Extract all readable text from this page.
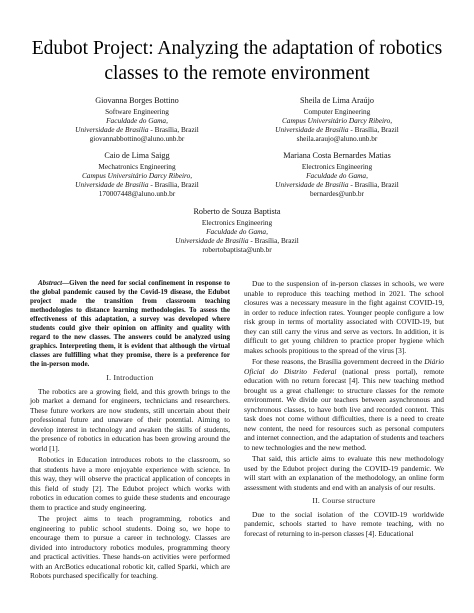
Edubot Project: Analyzing the adaptation of robotics classes to the remote environment
Giovanna Borges Bottino
Software Engineering
Faculdade do Gama,
Universidade de Brasília - Brasília, Brazil
giovannabbottino@aluno.unb.br
Sheila de Lima Araújo
Computer Engineering
Campus Universitário Darcy Ribeiro,
Universidade de Brasília - Brasília, Brazil
sheila.araujo@aluno.unb.br
Caio de Lima Saigg
Mechatronics Engineering
Campus Universitário Darcy Ribeiro,
Universidade de Brasília - Brasília, Brazil
170007448@aluno.unb.br
Mariana Costa Bernardes Matias
Electronics Engineering
Faculdade do Gama,
Universidade de Brasília - Brasília, Brazil
bernardes@unb.br
Roberto de Souza Baptista
Electronics Engineering
Faculdade do Gama,
Universidade de Brasília - Brasília, Brazil
robertobaptista@unb.br

Abstract—Given the need for social confinement in response to the global pandemic caused by the Covid-19 disease, the Edubot project made the transition from classroom teaching methodologies to distance learning methodologies. To assess the effectiveness of this adaptation, a survey was developed where students could give their opinion on affinity and quality with regard to the new classes. The answers could be analyzed using graphics. Interpreting them, it is evident that although the virtual classes are fulfilling what they promise, there is a preference for the in-person mode.

I. Introduction

The robotics are a growing field, and this growth brings to the job market a demand for engineers, technicians and researchers. These future workers are now students, still uncertain about their professional future and unaware of their potential. Aiming to develop interest in technology and awaken the skills of students, the presence of robotics in education has been growing around the world [1].

Robotics in Education introduces robots to the classroom, so that students have a more enjoyable experience with science. In this way, they will observe the practical application of concepts in this field of study [2]. The Edubot project which works with robotics in education comes to guide these students and encourage them to practice and study engineering.

The project aims to teach programming, robotics and engineering to public school students. Doing so, we hope to encourage them to pursue a career in technology. Classes are divided into introductory robotics modules, programming theory and practical activities. These hands-on activities were performed with an ArcBotics educational robotic kit, called Sparki, which are Robots purchased specifically for teaching.

Due to the suspension of in-person classes in schools, we were unable to reproduce this teaching method in 2021. The school closures was a necessary measure in the fight against COVID-19, in order to reduce infection rates. Younger people configure a low risk group in terms of mortality associated with COVID-19, but they can still carry the virus and serve as vectors. In addition, it is difficult to get young children to practice proper hygiene which makes schools propitious to the spread of the virus [3].

For these reasons, the Brasília government decreed in the Diário Oficial do Distrito Federal (national press portal), remote education with no return forecast [4]. This new teaching method brought us a great challenge: to structure classes for the remote environment. We divide our teachers between asynchronous and synchronous classes, to have both live and recorded content. This task does not come without difficulties, there is a need to create new content, the need for resources such as personal computers and internet connection, and the adaptation of students and teachers to new technologies and the new method.

That said, this article aims to evaluate this new methodology used by the Edubot project during the COVID-19 pandemic. We will start with an explanation of the methodology, an online form assessment with students and end with an analysis of our results.

II. Course structure

Due to the social isolation of the COVID-19 worldwide pandemic, schools started to have remote teaching, with no forecast of returning to in-person classes [4]. Educational
